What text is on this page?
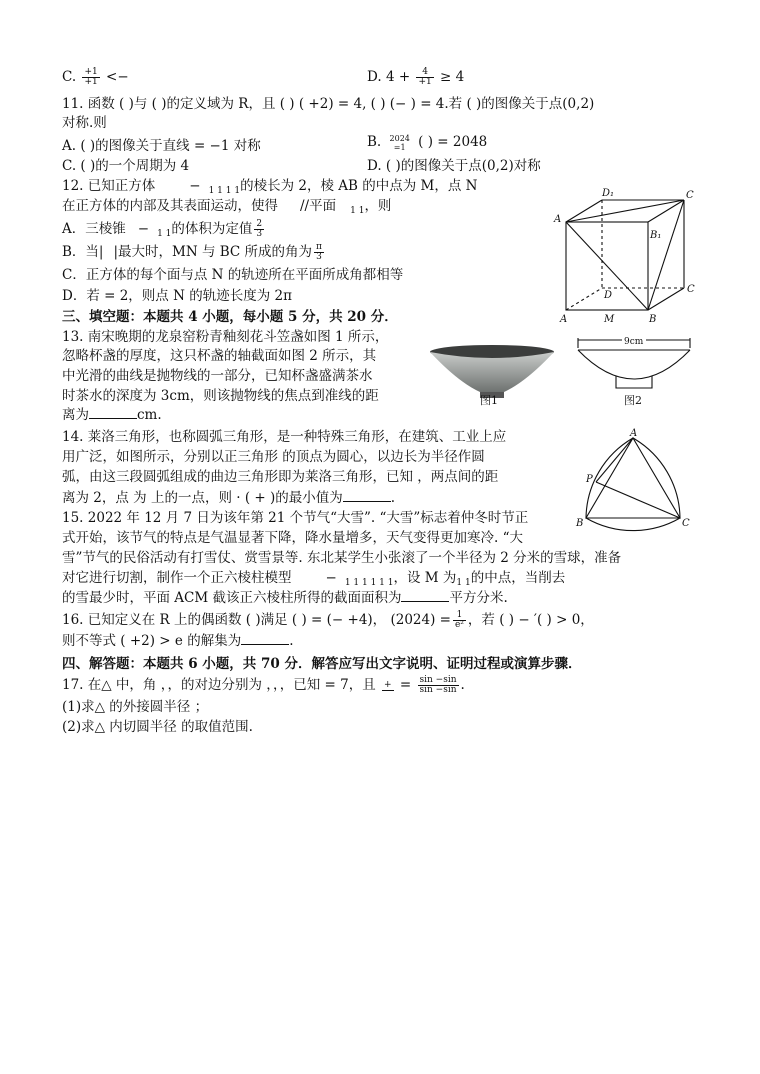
C. $\frac{+1}{+1}$ <−	D. $4 + \frac{4}{+1} \ge 4$
11. 函数 ( )与 ( )的定义域为 R，且 ( ) ( +2) = 4, ( ) (− ) = 4.若 ( )的图像关于点(0,2)
对称.则
A. ( )的图像关于直线 = −1 对称	B. 2024
=1 ( ) = 2048
C. ( )的一个周期为 4	D. ( )的图像关于点(0,2)对称
12. 已知正方体	− $_{1 1 1 1}$的棱长为 2，棱 AB 的中点为 M，点 N
在正方体的内部及其表面运动，使得 //平面 $_{1 1}$，则
A．三棱锥 − $_{1 1}$的体积为定值 $\frac{2}{3}$
B．当| |最大时，MN 与 BC 所成的角为 $\frac{\pi}{3}$
C．正方体的每个面与点 N 的轨迹所在平面所成角都相等
D．若 = 2，则点 N 的轨迹长度为 2π
D₁	C
A
B₁
D
C
A	M	B
三、填空题：本题共 4 小题，每小题 5 分，共 20 分．
13. 南宋晚期的龙泉窑粉青釉刻花斗笠盏如图 1 所示，
忽略杯盏的厚度，这只杯盏的轴截面如图 2 所示，其
中光滑的曲线是抛物线的一部分，已知杯盏盛满茶水
时茶水的深度为 3cm，则该抛物线的焦点到准线的距
离为	cm.
图1
9cm
图2
14. 莱洛三角形，也称圆弧三角形，是一种特殊三角形，在建筑、工业上应
用广泛，如图所示，分别以正三角形 的顶点为圆心，以边长为半径作圆
弧，由这三段圆弧组成的曲边三角形即为莱洛三角形，已知 ，两点间的距
离为 2，点 为 上的一点，则 · ( + )的最小值为	.
A
P
B	C
15. 2022 年 12 月 7 日为该年第 21 个节气“大雪”. “大雪”标志着仲冬时节正
式开始，该节气的特点是气温显著下降，降水量增多，天气变得更加寒冷. “大
雪”节气的民俗活动有打雪仗、赏雪景等. 东北某学生小张滚了一个半径为 2 分米的雪球，准备
对它进行切割，制作一个正六棱柱模型	− $_{1 1 1 1 1 1}$，设 M 为$_{1 1}$的中点，当削去
的雪最少时，平面 ACM 截该正六棱柱所得的截面面积为	平方分米.
16. 已知定义在 R 上的偶函数 ( )满足 ( ) = (− +4)， $(2024) = \frac{1}{\text{e²}}$ ，若 ( ) − ′( ) > 0，
则不等式 ( +2) > e 的解集为	.
四、解答题：本题共 6 小题，共 70 分．解答应写出文字说明、证明过程或演算步骤．
17. 在△ 中，角 ，，的对边分别为 ，，，已知 = 7，且 + = $\frac{\sin -\sin}{\sin -\sin}$ .
(1)求△ 的外接圆半径 ；
(2)求△ 内切圆半径 的取值范围.
